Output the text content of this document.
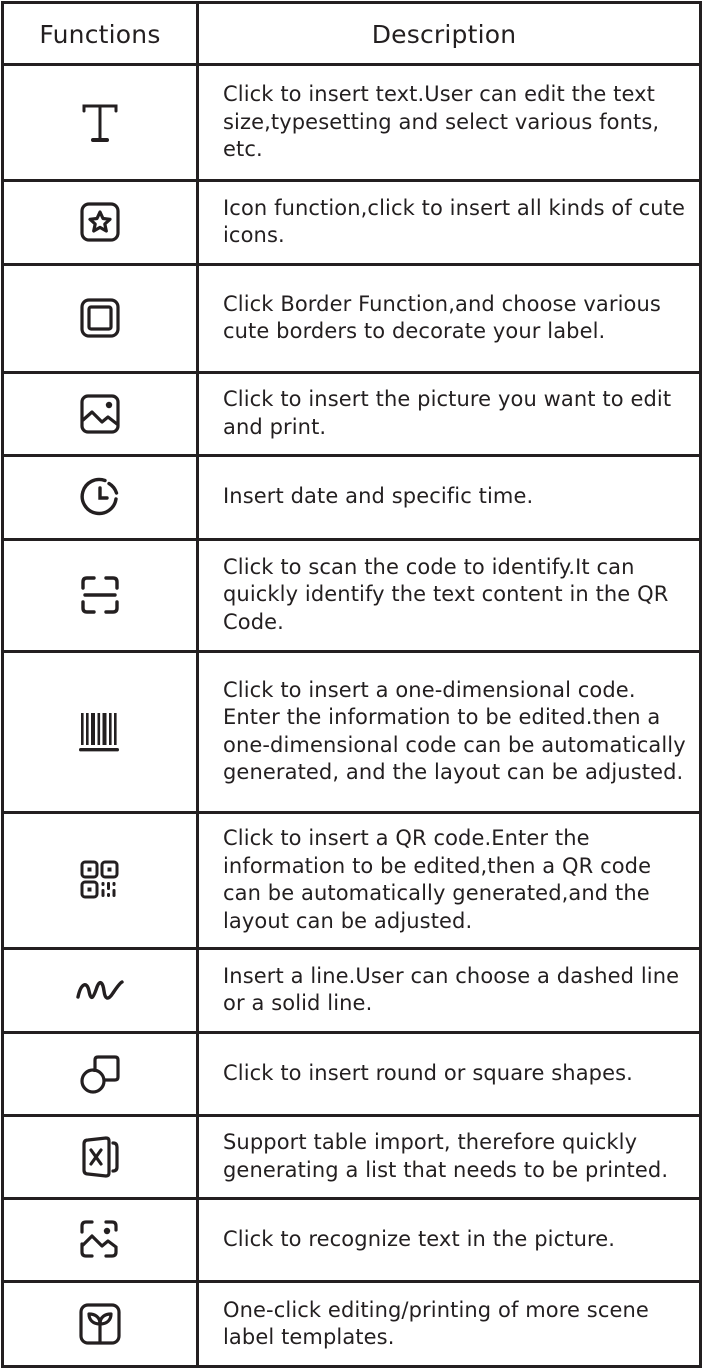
Functions	Description
Click to insert text.User can edit the text size,typesetting and select various fonts, etc.
Icon function,click to insert all kinds of cute icons.
Click Border Function,and choose various cute borders to decorate your label.
Click to insert the picture you want to edit and print.
Insert date and specific time.
Click to scan the code to identify.It can quickly identify the text content in the QR Code.
Click to insert a one-dimensional code. Enter the information to be edited.then a one-dimensional code can be automatically generated, and the layout can be adjusted.
Click to insert a QR code.Enter the information to be edited,then a QR code can be automatically generated,and the layout can be adjusted.
Insert a line.User can choose a dashed line or a solid line.
Click to insert round or square shapes.
Support table import, therefore quickly generating a list that needs to be printed.
Click to recognize text in the picture.
One-click editing/printing of more scene label templates.
